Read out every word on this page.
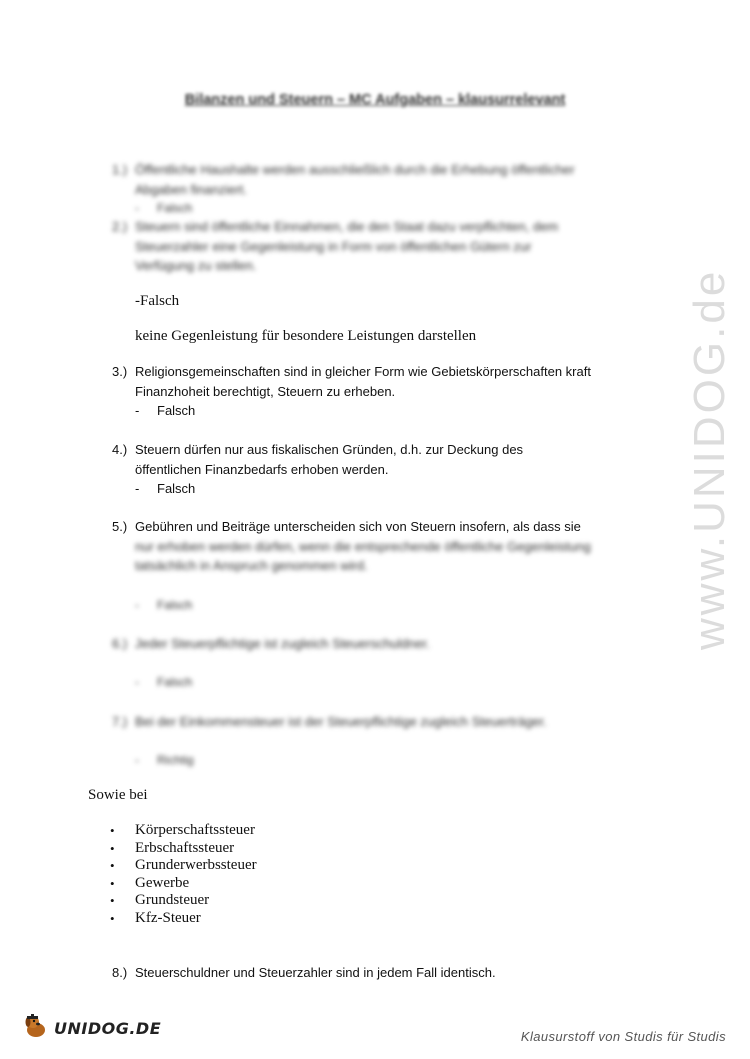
Bilanzen und Steuern – MC Aufgaben – klausurrelevant
1.) Öffentliche Haushalte werden ausschließlich durch die Erhebung öffentlicher
Abgaben finanziert.
- Falsch
2.) Steuern sind öffentliche Einnahmen, die den Staat dazu verpflichten, dem
Steuerzahler eine Gegenleistung in Form von öffentlichen Gütern zur
Verfügung zu stellen.
-Falsch
keine Gegenleistung für besondere Leistungen darstellen
3.) Religionsgemeinschaften sind in gleicher Form wie Gebietskörperschaften kraft
Finanzhoheit berechtigt, Steuern zu erheben.
- Falsch
4.) Steuern dürfen nur aus fiskalischen Gründen, d.h. zur Deckung des
öffentlichen Finanzbedarfs erhoben werden.
- Falsch
5.) Gebühren und Beiträge unterscheiden sich von Steuern insofern, als dass sie
nur erhoben werden dürfen, wenn die entsprechende öffentliche Gegenleistung
tatsächlich in Anspruch genommen wird.
- Falsch
6.) Jeder Steuerpflichtige ist zugleich Steuerschuldner.
- Falsch
7.) Bei der Einkommensteuer ist der Steuerpflichtige zugleich Steuerträger.
- Richtig
Sowie bei
• Körperschaftssteuer
• Erbschaftssteuer
• Grunderwerbssteuer
• Gewerbe
• Grundsteuer
• Kfz-Steuer
8.) Steuerschuldner und Steuerzahler sind in jedem Fall identisch.
www.UNIDOG.de
UNIDOG.DE	Klausurstoff von Studis für Studis
